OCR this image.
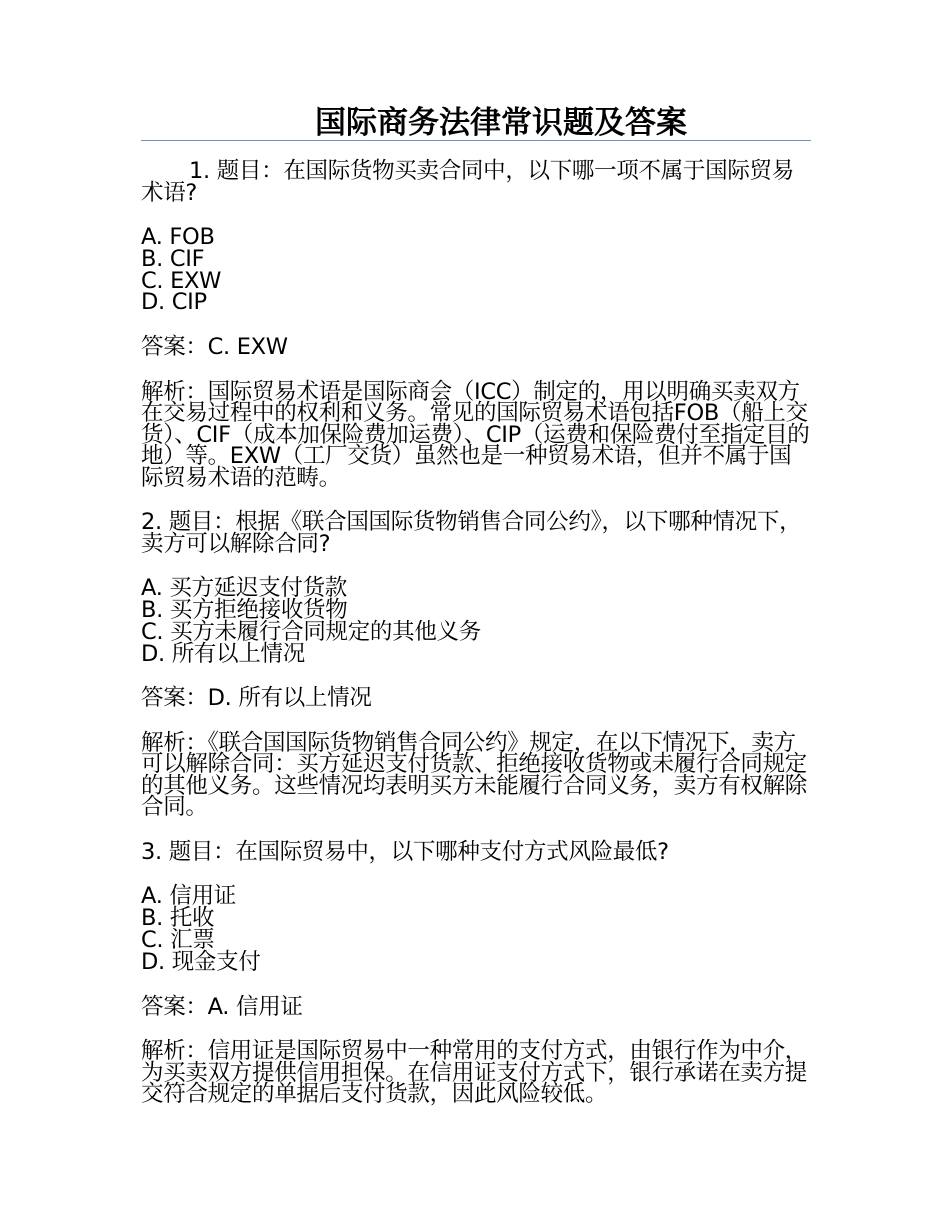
国际商务法律常识题及答案

1. 题目：在国际货物买卖合同中，以下哪一项不属于国际贸易术语?

A. FOB

B. CIF

C. EXW

D. CIP

答案：C. EXW

解析：国际贸易术语是国际商会（ICC）制定的，用以明确买卖双方在交易过程中的权利和义务。常见的国际贸易术语包括FOB（船上交货）、CIF（成本加保险费加运费）、CIP（运费和保险费付至指定目的地）等。EXW（工厂交货）虽然也是一种贸易术语，但并不属于国际贸易术语的范畴。

2. 题目：根据《联合国国际货物销售合同公约》，以下哪种情况下，卖方可以解除合同?

A. 买方延迟支付货款

B. 买方拒绝接收货物

C. 买方未履行合同规定的其他义务

D. 所有以上情况

答案：D. 所有以上情况

解析：《联合国国际货物销售合同公约》规定，在以下情况下，卖方可以解除合同：买方延迟支付货款、拒绝接收货物或未履行合同规定的其他义务。这些情况均表明买方未能履行合同义务，卖方有权解除合同。

3. 题目：在国际贸易中，以下哪种支付方式风险最低?

A. 信用证

B. 托收

C. 汇票

D. 现金支付

答案：A. 信用证

解析：信用证是国际贸易中一种常用的支付方式，由银行作为中介，为买卖双方提供信用担保。在信用证支付方式下，银行承诺在卖方提交符合规定的单据后支付货款，因此风险较低。
